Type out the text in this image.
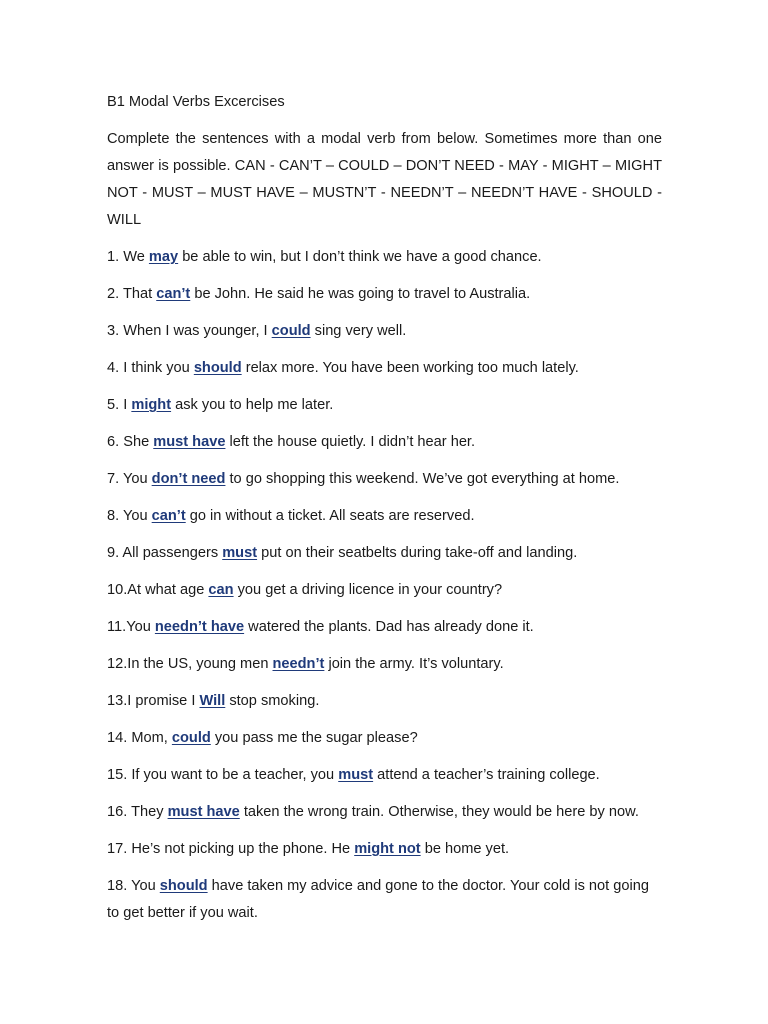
B1 Modal Verbs Excercises

Complete the sentences with a modal verb from below. Sometimes more than one answer is possible. CAN - CAN’T – COULD – DON’T NEED - MAY - MIGHT – MIGHT NOT - MUST – MUST HAVE – MUSTN’T - NEEDN’T – NEEDN’T HAVE - SHOULD - WILL

1. We may be able to win, but I don’t think we have a good chance.

2. That can’t be John. He said he was going to travel to Australia.

3. When I was younger, I could sing very well.

4. I think you should relax more. You have been working too much lately.

5. I might ask you to help me later.

6. She must have left the house quietly. I didn’t hear her.

7. You don’t need to go shopping this weekend. We’ve got everything at home.

8. You can’t go in without a ticket. All seats are reserved.

9. All passengers must put on their seatbelts during take-off and landing.

10.At what age can you get a driving licence in your country?

11.You needn’t have watered the plants. Dad has already done it.

12.In the US, young men needn’t join the army. It’s voluntary.

13.I promise I Will stop smoking.

14. Mom, could you pass me the sugar please?

15. If you want to be a teacher, you must attend a teacher’s training college.

16. They must have taken the wrong train. Otherwise, they would be here by now.

17. He’s not picking up the phone. He might not be home yet.

18. You should have taken my advice and gone to the doctor. Your cold is not going to get better if you wait.
